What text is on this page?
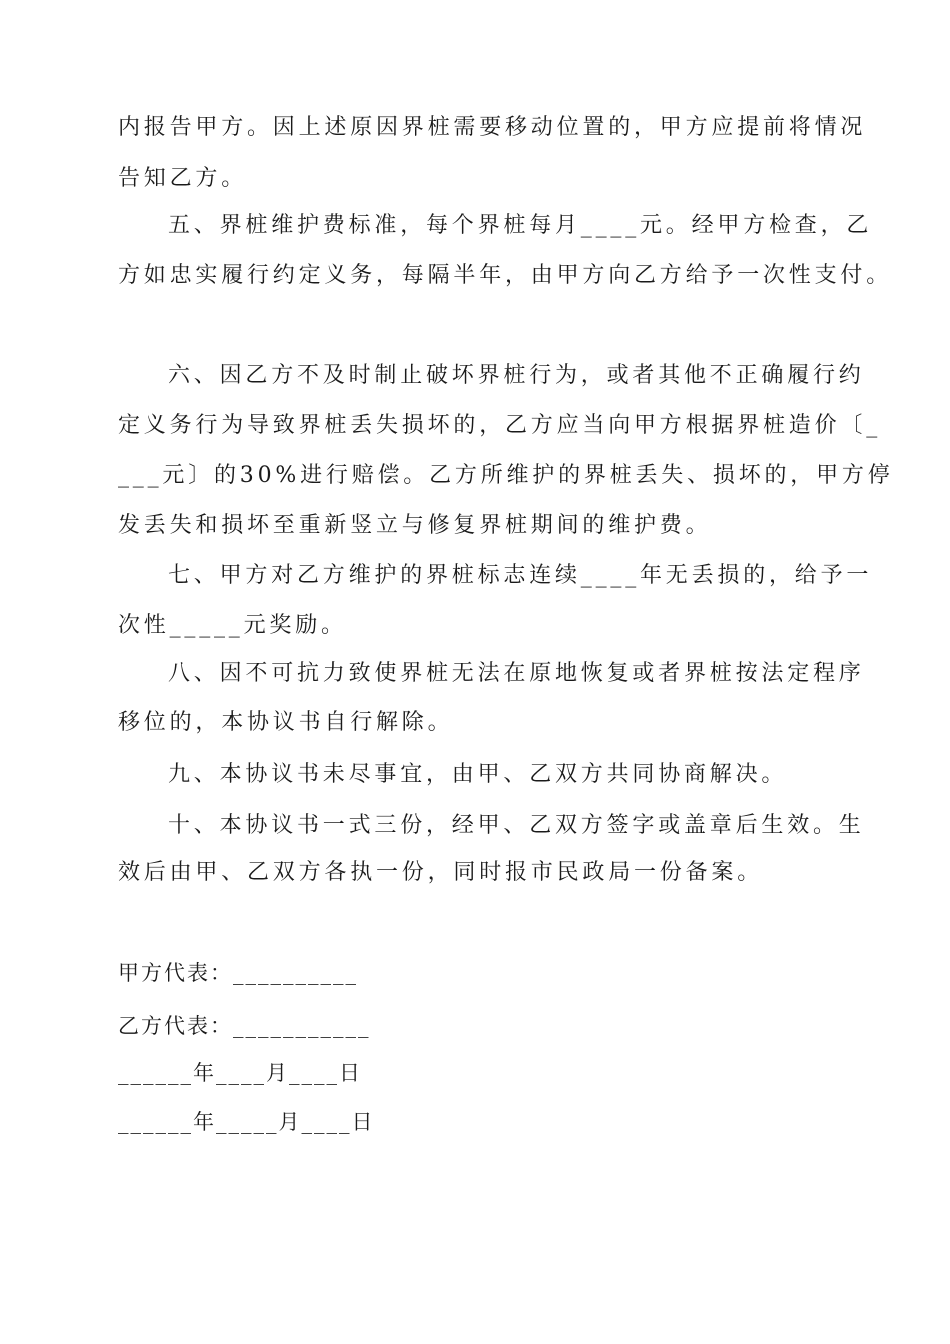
内报告甲方。因上述原因界桩需要移动位置的，甲方应提前将情况
告知乙方。
五、界桩维护费标准，每个界桩每月____元。经甲方检查，乙
方如忠实履行约定义务，每隔半年，由甲方向乙方给予一次性支付。
六、因乙方不及时制止破坏界桩行为，或者其他不正确履行约
定义务行为导致界桩丢失损坏的，乙方应当向甲方根据界桩造价〔_
___元〕的30%进行赔偿。乙方所维护的界桩丢失、损坏的，甲方停
发丢失和损坏至重新竖立与修复界桩期间的维护费。
七、甲方对乙方维护的界桩标志连续____年无丢损的，给予一
次性_____元奖励。
八、因不可抗力致使界桩无法在原地恢复或者界桩按法定程序
移位的，本协议书自行解除。
九、本协议书未尽事宜，由甲、乙双方共同协商解决。
十、本协议书一式三份，经甲、乙双方签字或盖章后生效。生
效后由甲、乙双方各执一份，同时报市民政局一份备案。
甲方代表：__________
乙方代表：___________
______年____月____日
______年_____月____日
